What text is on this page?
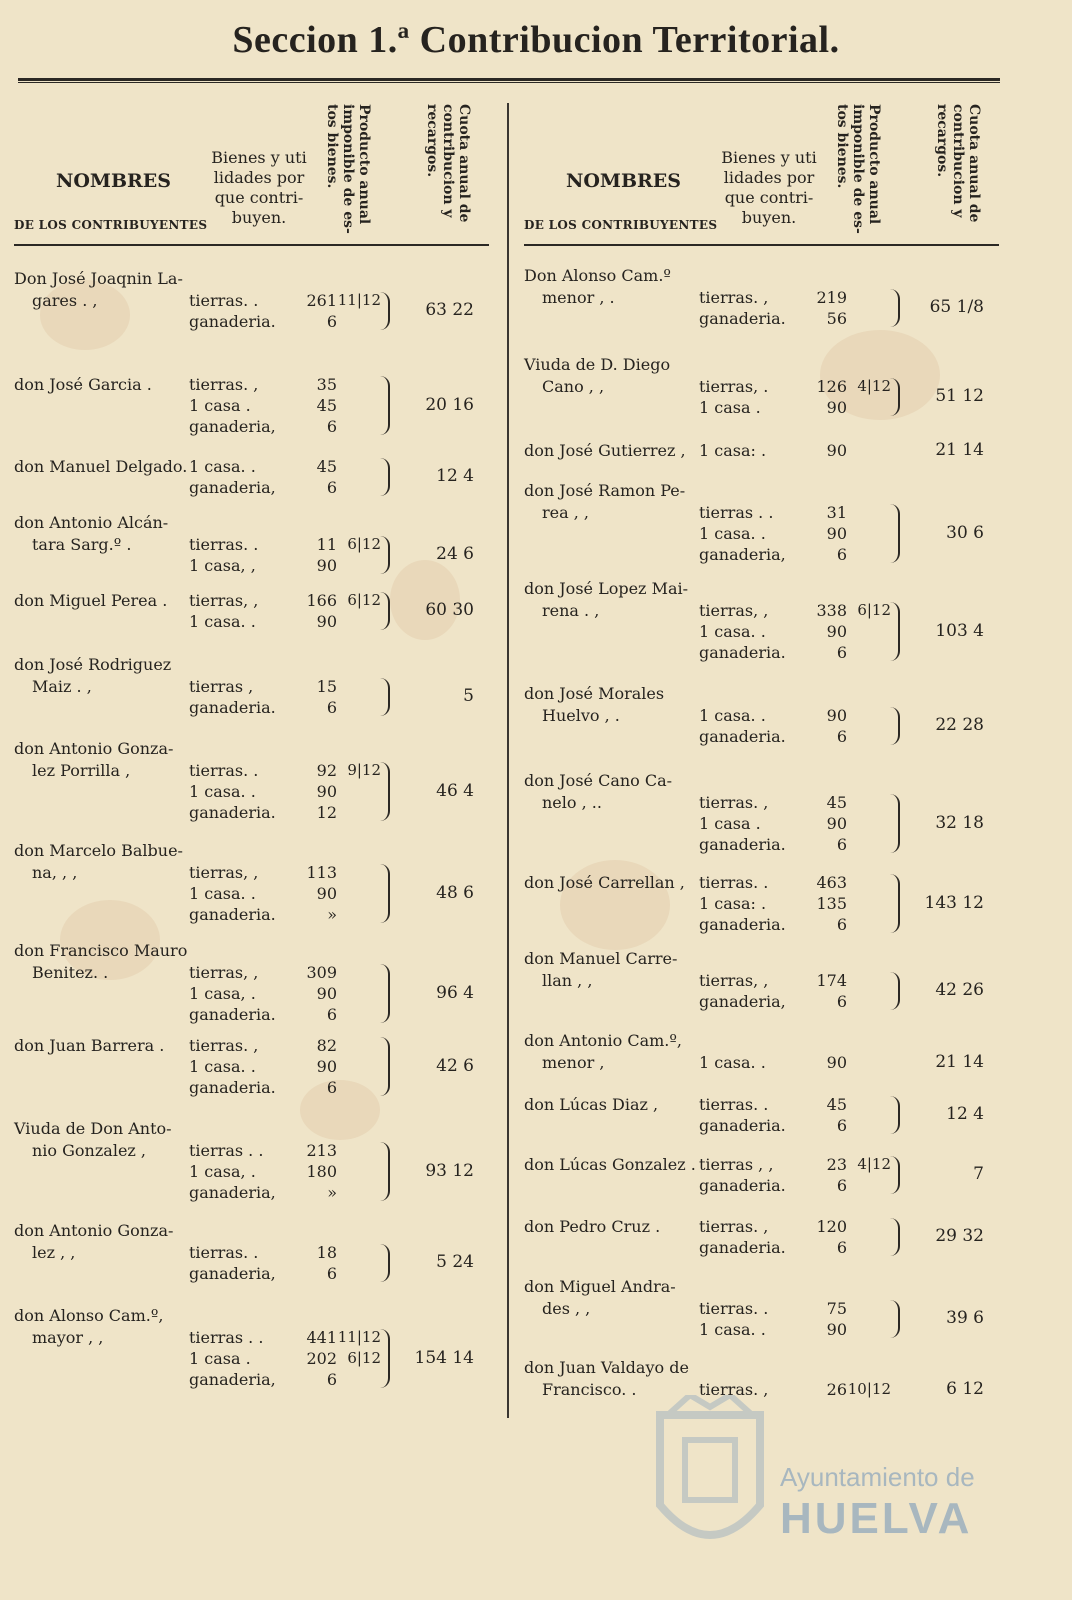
Seccion 1.ª Contribucion Territorial.
NOMBRES
DE LOS CONTRIBUYENTES
Bienes y uti lidades por que contri- buyen.
Producto anual
imponible de es-
tos bienes.
Cuota anual de
contribucion y
recargos.
Don José Joaqnin La-
gares . ,	tierras. .	261 11|12
ganaderia.	6
63 22
don José Garcia .	tierras. ,	35
1 casa .	45
ganaderia,	6
20 16
don Manuel Delgado. 1 casa. .	45
ganaderia,	6
12 4
don Antonio Alcán-
tara Sarg.º .	tierras. .	11 6|12
1 casa, ,	90
24 6
don Miguel Perea .	tierras, ,	166 6|12
1 casa. .	90
60 30
don José Rodriguez
Maiz . ,	tierras ,	15
ganaderia.	6
5
don Antonio Gonza-
lez Porrilla ,	tierras. .	92 9|12
1 casa. .	90
ganaderia.	12
46 4
don Marcelo Balbue-
na, , ,	tierras, ,	113
1 casa. .	90
ganaderia.	»
48 6
don Francisco Mauro
Benitez. .	tierras, ,	309
1 casa, .	90
ganaderia.	6
96 4
don Juan Barrera .	tierras. ,	82
1 casa. .	90
ganaderia.	6
42 6
Viuda de Don Anto-
nio Gonzalez ,	tierras . .	213
1 casa, .	180
ganaderia,	»
93 12
don Antonio Gonza-
lez , ,	tierras. .	18
ganaderia,	6
5 24
don Alonso Cam.º,
mayor , ,	tierras . .	441 11|12
1 casa .	202 6|12
ganaderia,	6
154 14
NOMBRES
DE LOS CONTRIBUYENTES
Bienes y uti lidades por que contri- buyen.
Producto anual
imponible de es-
tos bienes.
Cuota anual de
contribucion y
recargos.
Don Alonso Cam.º
menor , .	tierras. ,	219
ganaderia.	56
65 1/8
Viuda de D. Diego
Cano , ,	tierras, .	126 4|12
1 casa .	90
51 12
don José Gutierrez , 1 casa: .	90	21 14
don José Ramon Pe-
rea , ,	tierras . .	31
1 casa. .	90
ganaderia,	6
30 6
don José Lopez Mai-
rena . ,	tierras, ,	338 6|12
1 casa. .	90
ganaderia.	6
103 4
don José Morales
Huelvo , .	1 casa. .	90
ganaderia.	6
22 28
don José Cano Ca-
nelo , ..	tierras. ,	45
1 casa .	90
ganaderia.	6
32 18
don José Carrellan , tierras. .	463
1 casa: .	135
ganaderia.	6
143 12
don Manuel Carre-
llan , ,	tierras, ,	174
ganaderia,	6
42 26
don Antonio Cam.º,
menor ,	1 casa. .	90	21 14
don Lúcas Diaz ,	tierras. .	45
ganaderia.	6
12 4
don Lúcas Gonzalez . tierras , ,	23 4|12
ganaderia.	6
7
don Pedro Cruz .	tierras. ,	120
ganaderia.	6
29 32
don Miguel Andra-
des , ,	tierras. .	75
1 casa. .	90
39 6
don Juan Valdayo de
Francisco. .	tierras. ,	26 10|12	6 12
Ayuntamiento de
HUELVA
